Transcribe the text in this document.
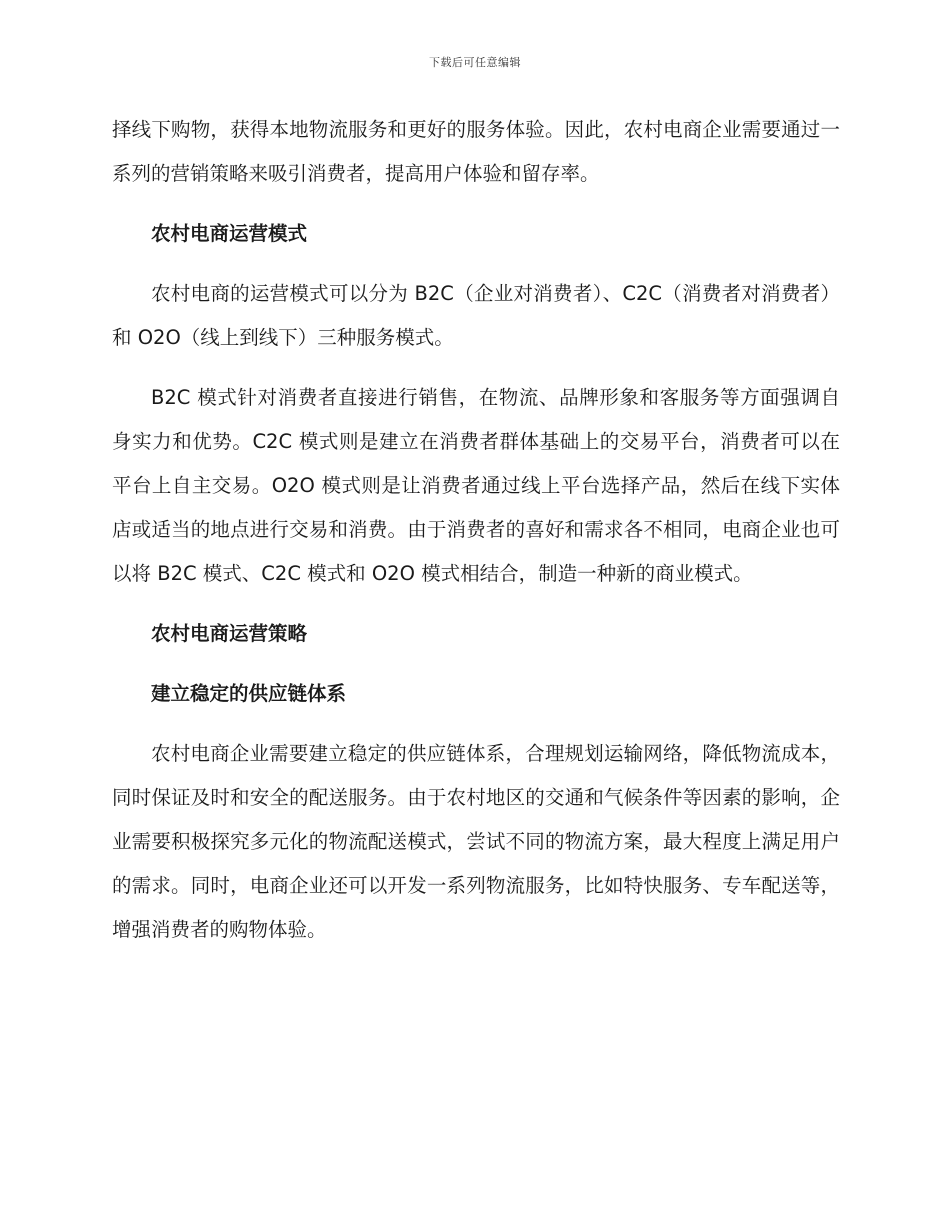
下载后可任意编辑

择线下购物，获得本地物流服务和更好的服务体验。因此，农村电商企业需要通过一系列的营销策略来吸引消费者，提高用户体验和留存率。

农村电商运营模式

农村电商的运营模式可以分为 B2C（企业对消费者）、C2C（消费者对消费者）和 O2O（线上到线下）三种服务模式。

B2C 模式针对消费者直接进行销售，在物流、品牌形象和客服务等方面强调自身实力和优势。C2C 模式则是建立在消费者群体基础上的交易平台，消费者可以在平台上自主交易。O2O 模式则是让消费者通过线上平台选择产品，然后在线下实体店或适当的地点进行交易和消费。由于消费者的喜好和需求各不相同，电商企业也可以将 B2C 模式、C2C 模式和 O2O 模式相结合，制造一种新的商业模式。

农村电商运营策略

建立稳定的供应链体系

农村电商企业需要建立稳定的供应链体系，合理规划运输网络，降低物流成本，同时保证及时和安全的配送服务。由于农村地区的交通和气候条件等因素的影响，企业需要积极探究多元化的物流配送模式，尝试不同的物流方案，最大程度上满足用户的需求。同时，电商企业还可以开发一系列物流服务，比如特快服务、专车配送等，增强消费者的购物体验。
